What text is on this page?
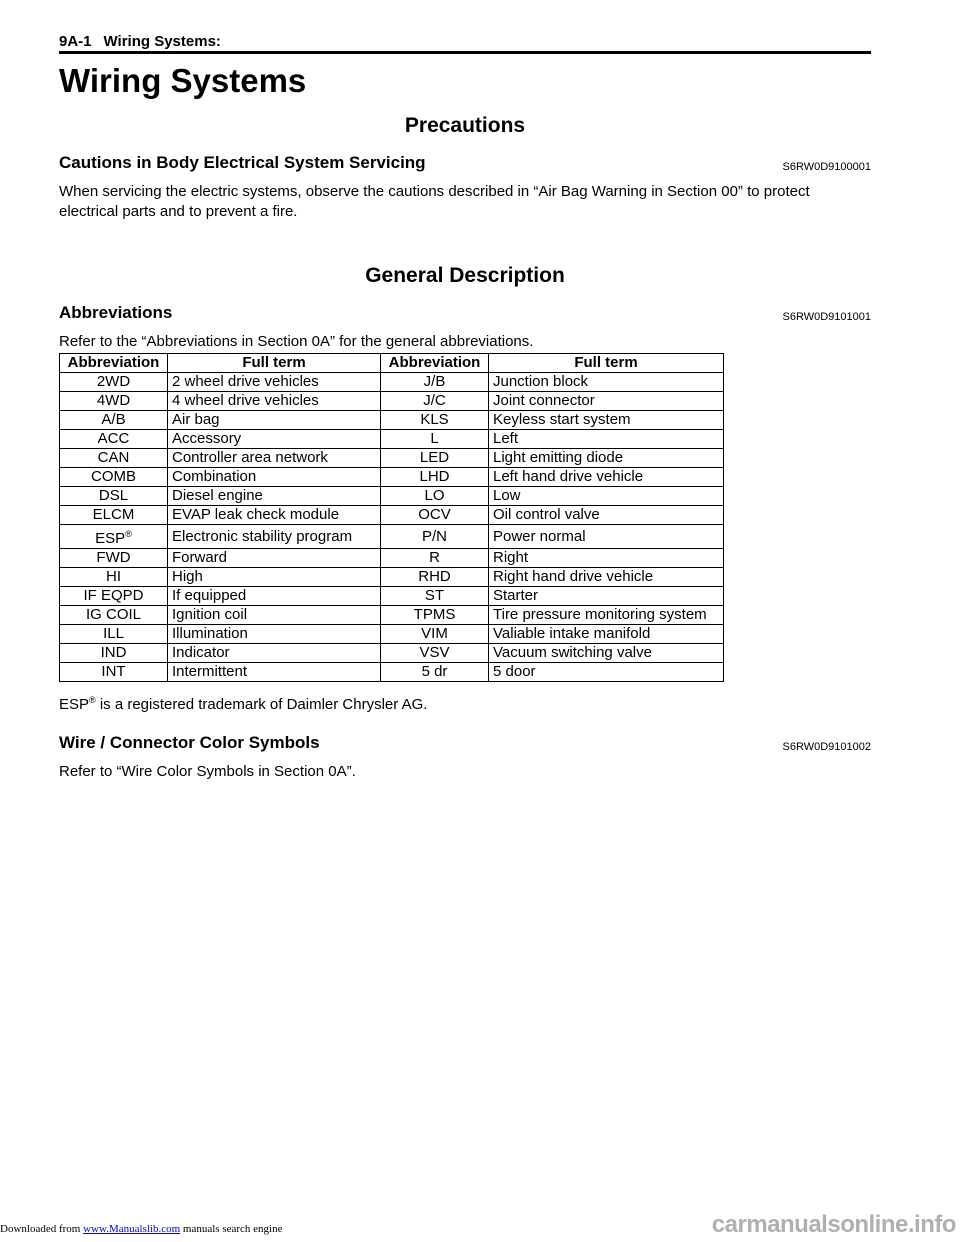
9A-1 Wiring Systems:
Wiring Systems
Precautions
Cautions in Body Electrical System Servicing	S6RW0D9100001
When servicing the electric systems, observe the cautions described in “Air Bag Warning in Section 00” to protect electrical parts and to prevent a fire.
General Description
Abbreviations	S6RW0D9101001
Refer to the “Abbreviations in Section 0A” for the general abbreviations.
Abbreviation	Full term	Abbreviation	Full term
2WD	2 wheel drive vehicles	J/B	Junction block
4WD	4 wheel drive vehicles	J/C	Joint connector
A/B	Air bag	KLS	Keyless start system
ACC	Accessory	L	Left
CAN	Controller area network	LED	Light emitting diode
COMB	Combination	LHD	Left hand drive vehicle
DSL	Diesel engine	LO	Low
ELCM	EVAP leak check module	OCV	Oil control valve
ESP®	Electronic stability program	P/N	Power normal
FWD	Forward	R	Right
HI	High	RHD	Right hand drive vehicle
IF EQPD	If equipped	ST	Starter
IG COIL	Ignition coil	TPMS	Tire pressure monitoring system
ILL	Illumination	VIM	Valiable intake manifold
IND	Indicator	VSV	Vacuum switching valve
INT	Intermittent	5 dr	5 door
ESP® is a registered trademark of Daimler Chrysler AG.
Wire / Connector Color Symbols	S6RW0D9101002
Refer to “Wire Color Symbols in Section 0A”.
Downloaded from www.Manualslib.com manuals search engine	carmanualsonline.info
